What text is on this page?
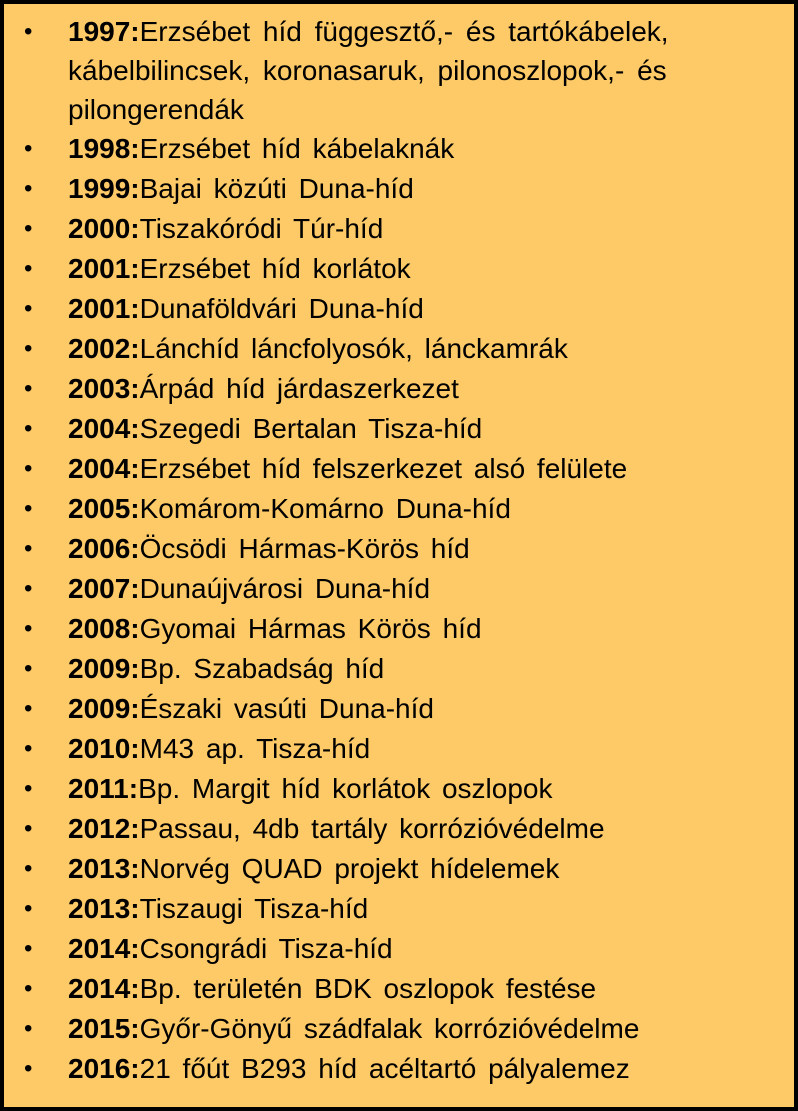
• 1997:Erzsébet híd függesztő,- és tartókábelek, kábelbilincsek, koronasaruk, pilonoszlopok,- és pilongerendák
• 1998:Erzsébet híd kábelaknák
• 1999:Bajai közúti Duna-híd
• 2000:Tiszakóródi Túr-híd
• 2001:Erzsébet híd korlátok
• 2001:Dunaföldvári Duna-híd
• 2002:Lánchíd láncfolyosók, lánckamrák
• 2003:Árpád híd járdaszerkezet
• 2004:Szegedi Bertalan Tisza-híd
• 2004:Erzsébet híd felszerkezet alsó felülete
• 2005:Komárom-Komárno Duna-híd
• 2006:Öcsödi Hármas-Körös híd
• 2007:Dunaújvárosi Duna-híd
• 2008:Gyomai Hármas Körös híd
• 2009:Bp. Szabadság híd
• 2009:Északi vasúti Duna-híd
• 2010:M43 ap. Tisza-híd
• 2011:Bp. Margit híd korlátok oszlopok
• 2012:Passau, 4db tartály korrózióvédelme
• 2013:Norvég QUAD projekt hídelemek
• 2013:Tiszaugi Tisza-híd
• 2014:Csongrádi Tisza-híd
• 2014:Bp. területén BDK oszlopok festése
• 2015:Győr-Gönyű szádfalak korrózióvédelme
• 2016:21 főút B293 híd acéltartó pályalemez
